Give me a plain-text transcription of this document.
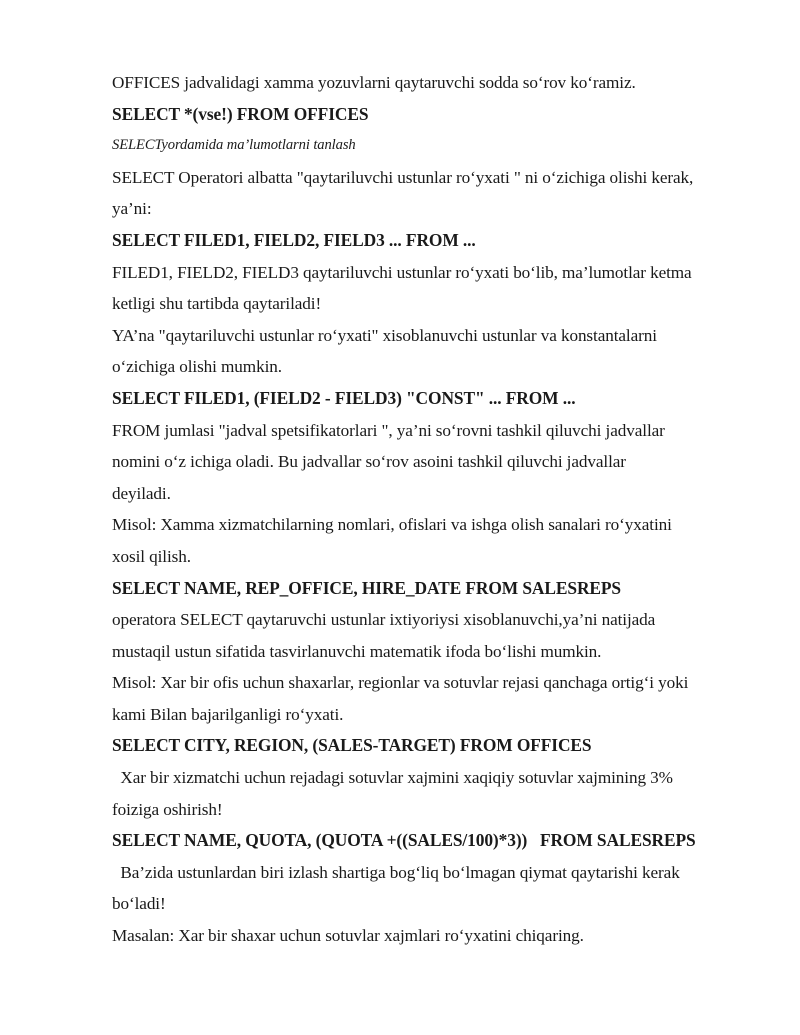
OFFICES jadvalidagi xamma yozuvlarni qaytaruvchi sodda so‘rov ko‘ramiz.
SELECT *(vse!) FROM OFFICES
SELECTyordamida ma’lumotlarni tanlash
SELECT Operatori albatta "qaytariluvchi ustunlar ro‘yxati " ni o‘zichiga olishi kerak,
ya’ni:
SELECT FILED1, FIELD2, FIELD3 ... FROM ...
FILED1, FIELD2, FIELD3 qaytariluvchi ustunlar ro‘yxati bo‘lib, ma’lumotlar ketma
ketligi shu tartibda qaytariladi!
YA’na "qaytariluvchi ustunlar ro‘yxati" xisoblanuvchi ustunlar va konstantalarni
o‘zichiga olishi mumkin.
SELECT FILED1, (FIELD2 - FIELD3) "CONST" ... FROM ...
FROM jumlasi "jadval spetsifikatorlari ", ya’ni so‘rovni tashkil qiluvchi jadvallar
nomini o‘z ichiga oladi. Bu jadvallar so‘rov asoini tashkil qiluvchi jadvallar
deyiladi.
Misol: Xamma xizmatchilarning nomlari, ofislari va ishga olish sanalari ro‘yxatini
xosil qilish.
SELECT NAME, REP_OFFICE, HIRE_DATE FROM SALESREPS
operatora SELECT qaytaruvchi ustunlar ixtiyoriysi xisoblanuvchi,ya’ni natijada
mustaqil ustun sifatida tasvirlanuvchi matematik ifoda bo‘lishi mumkin.
Misol: Xar bir ofis uchun shaxarlar, regionlar va sotuvlar rejasi qanchaga ortig‘i yoki
kami Bilan bajarilganligi ro‘yxati.
SELECT CITY, REGION, (SALES-TARGET) FROM OFFICES
Xar bir xizmatchi uchun rejadagi sotuvlar xajmini xaqiqiy sotuvlar xajmining 3%
foiziga oshirish!
SELECT NAME, QUOTA, (QUOTA +((SALES/100)*3))   FROM SALESREPS
Ba’zida ustunlardan biri izlash shartiga bog‘liq bo‘lmagan qiymat qaytarishi kerak
bo‘ladi!
Masalan: Xar bir shaxar uchun sotuvlar xajmlari ro‘yxatini chiqaring.
